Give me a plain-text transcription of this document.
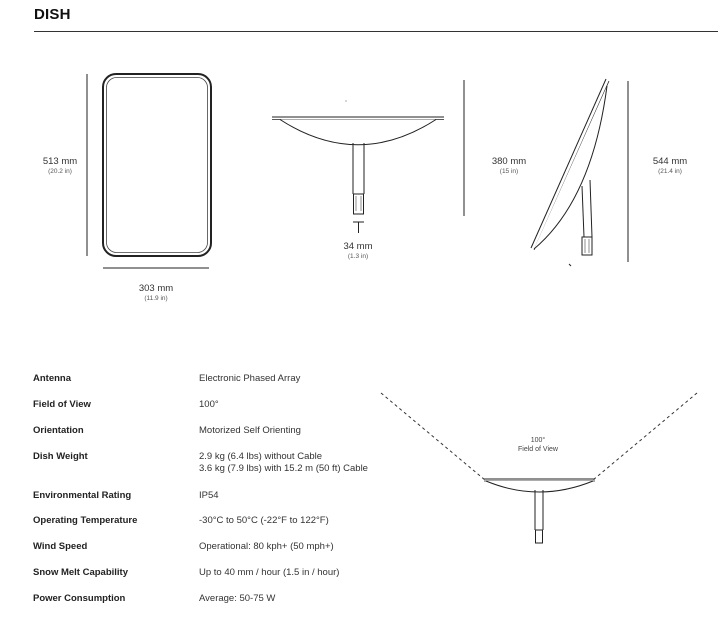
DISH
513 mm
(20.2 in)
303 mm
(11.9 in)
34 mm
(1.3 in)
380 mm
(15 in)
544 mm
(21.4 in)
100°
Field of View
Antenna	Electronic Phased Array
Field of View	100°
Orientation	Motorized Self Orienting
Dish Weight	2.9 kg (6.4 lbs) without Cable
3.6 kg (7.9 lbs) with 15.2 m (50 ft) Cable
Environmental Rating	IP54
Operating Temperature	-30°C to 50°C (-22°F to 122°F)
Wind Speed	Operational: 80 kph+ (50 mph+)
Snow Melt Capability	Up to 40 mm / hour (1.5 in / hour)
Power Consumption	Average: 50-75 W
